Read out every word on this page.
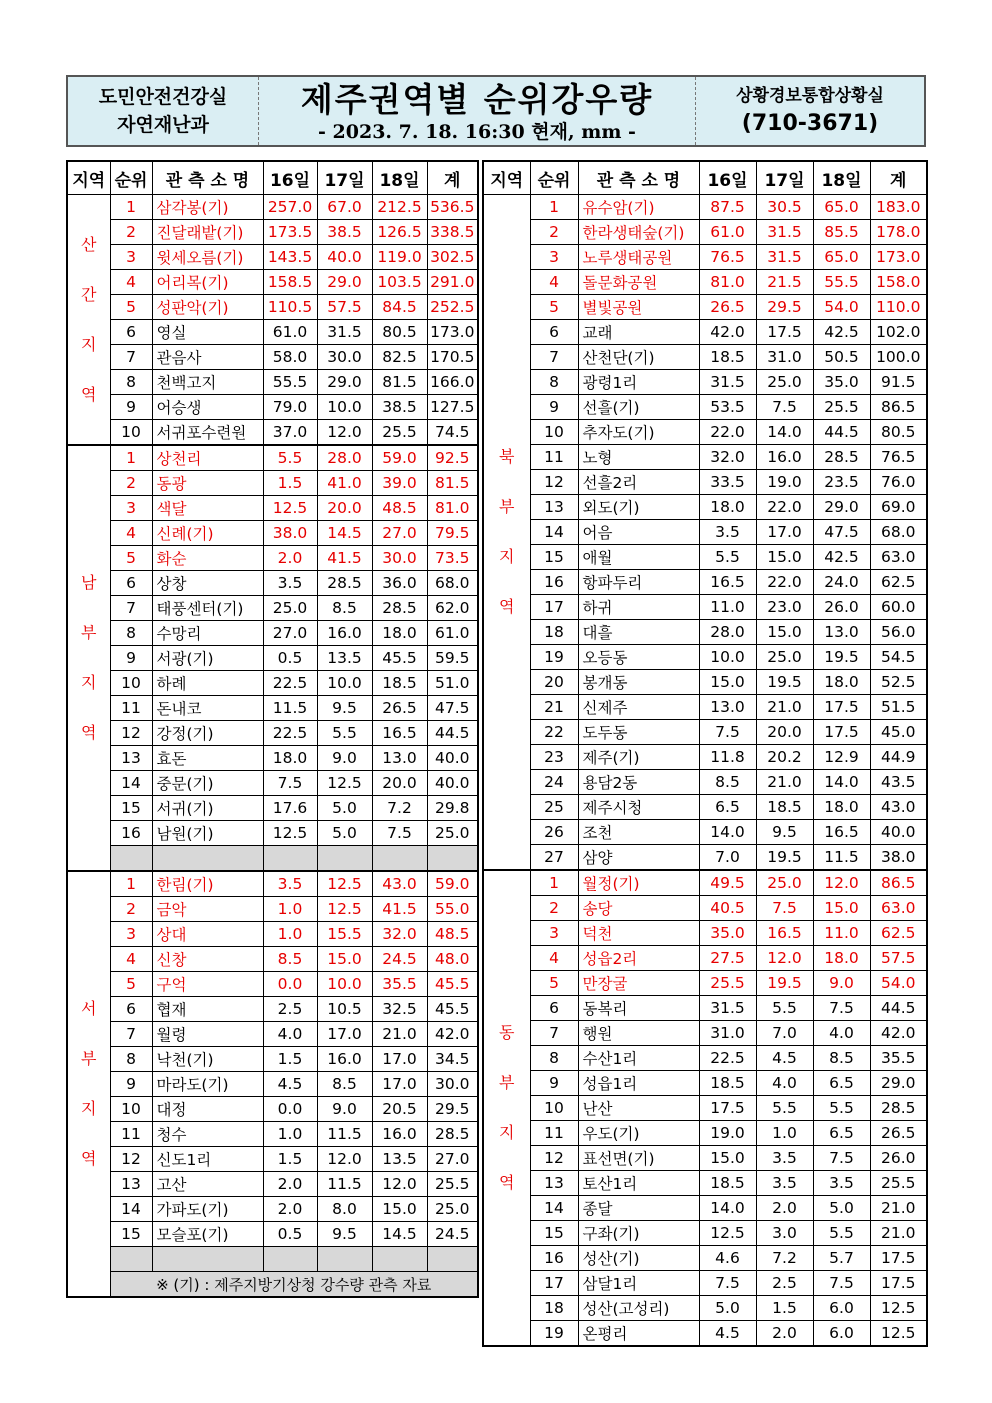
도민안전건강실
자연재난과
제주권역별 순위강우량
- 2023. 7. 18. 16:30 현재, mm -
상황경보통합상황실
(710-3671)
지역	순위	관 측 소 명	16일	17일	18일	계
산
간
지
역	1	삼각봉(기)	257.0	67.0	212.5	536.5
	2	진달래밭(기)	173.5	38.5	126.5	338.5
	3	윗세오름(기)	143.5	40.0	119.0	302.5
	4	어리목(기)	158.5	29.0	103.5	291.0
	5	성판악(기)	110.5	57.5	84.5	252.5
	6	영실	61.0	31.5	80.5	173.0
	7	관음사	58.0	30.0	82.5	170.5
	8	천백고지	55.5	29.0	81.5	166.0
	9	어승생	79.0	10.0	38.5	127.5
	10	서귀포수련원	37.0	12.0	25.5	74.5
남
부
지
역	1	상천리	5.5	28.0	59.0	92.5
	2	동광	1.5	41.0	39.0	81.5
	3	색달	12.5	20.0	48.5	81.0
	4	신례(기)	38.0	14.5	27.0	79.5
	5	화순	2.0	41.5	30.0	73.5
	6	상창	3.5	28.5	36.0	68.0
	7	태풍센터(기)	25.0	8.5	28.5	62.0
	8	수망리	27.0	16.0	18.0	61.0
	9	서광(기)	0.5	13.5	45.5	59.5
	10	하례	22.5	10.0	18.5	51.0
	11	돈내코	11.5	9.5	26.5	47.5
	12	강정(기)	22.5	5.5	16.5	44.5
	13	효돈	18.0	9.0	13.0	40.0
	14	중문(기)	7.5	12.5	20.0	40.0
	15	서귀(기)	17.6	5.0	7.2	29.8
	16	남원(기)	12.5	5.0	7.5	25.0

서
부
지
역	1	한림(기)	3.5	12.5	43.0	59.0
	2	금악	1.0	12.5	41.5	55.0
	3	상대	1.0	15.5	32.0	48.5
	4	신창	8.5	15.0	24.5	48.0
	5	구억	0.0	10.0	35.5	45.5
	6	협재	2.5	10.5	32.5	45.5
	7	월령	4.0	17.0	21.0	42.0
	8	낙천(기)	1.5	16.0	17.0	34.5
	9	마라도(기)	4.5	8.5	17.0	30.0
	10	대정	0.0	9.0	20.5	29.5
	11	청수	1.0	11.5	16.0	28.5
	12	신도1리	1.5	12.0	13.5	27.0
	13	고산	2.0	11.5	12.0	25.5
	14	가파도(기)	2.0	8.0	15.0	25.0
	15	모슬포(기)	0.5	9.5	14.5	24.5

	※ (기) : 제주지방기상청 강수량 관측 자료					

지역	순위	관 측 소 명	16일	17일	18일	계
북
부
지
역	1	유수암(기)	87.5	30.5	65.0	183.0
	2	한라생태숲(기)	61.0	31.5	85.5	178.0
	3	노루생태공원	76.5	31.5	65.0	173.0
	4	돌문화공원	81.0	21.5	55.5	158.0
	5	별빛공원	26.5	29.5	54.0	110.0
	6	교래	42.0	17.5	42.5	102.0
	7	산천단(기)	18.5	31.0	50.5	100.0
	8	광령1리	31.5	25.0	35.0	91.5
	9	선흘(기)	53.5	7.5	25.5	86.5
	10	추자도(기)	22.0	14.0	44.5	80.5
	11	노형	32.0	16.0	28.5	76.5
	12	선흘2리	33.5	19.0	23.5	76.0
	13	외도(기)	18.0	22.0	29.0	69.0
	14	어음	3.5	17.0	47.5	68.0
	15	애월	5.5	15.0	42.5	63.0
	16	항파두리	16.5	22.0	24.0	62.5
	17	하귀	11.0	23.0	26.0	60.0
	18	대흘	28.0	15.0	13.0	56.0
	19	오등동	10.0	25.0	19.5	54.5
	20	봉개동	15.0	19.5	18.0	52.5
	21	신제주	13.0	21.0	17.5	51.5
	22	도두동	7.5	20.0	17.5	45.0
	23	제주(기)	11.8	20.2	12.9	44.9
	24	용담2동	8.5	21.0	14.0	43.5
	25	제주시청	6.5	18.5	18.0	43.0
	26	조천	14.0	9.5	16.5	40.0
	27	삼양	7.0	19.5	11.5	38.0
동
부
지
역	1	월정(기)	49.5	25.0	12.0	86.5
	2	송당	40.5	7.5	15.0	63.0
	3	덕천	35.0	16.5	11.0	62.5
	4	성읍2리	27.5	12.0	18.0	57.5
	5	만장굴	25.5	19.5	9.0	54.0
	6	동복리	31.5	5.5	7.5	44.5
	7	행원	31.0	7.0	4.0	42.0
	8	수산1리	22.5	4.5	8.5	35.5
	9	성읍1리	18.5	4.0	6.5	29.0
	10	난산	17.5	5.5	5.5	28.5
	11	우도(기)	19.0	1.0	6.5	26.5
	12	표선면(기)	15.0	3.5	7.5	26.0
	13	토산1리	18.5	3.5	3.5	25.5
	14	종달	14.0	2.0	5.0	21.0
	15	구좌(기)	12.5	3.0	5.5	21.0
	16	성산(기)	4.6	7.2	5.7	17.5
	17	삼달1리	7.5	2.5	7.5	17.5
	18	성산(고성리)	5.0	1.5	6.0	12.5
	19	온평리	4.5	2.0	6.0	12.5
